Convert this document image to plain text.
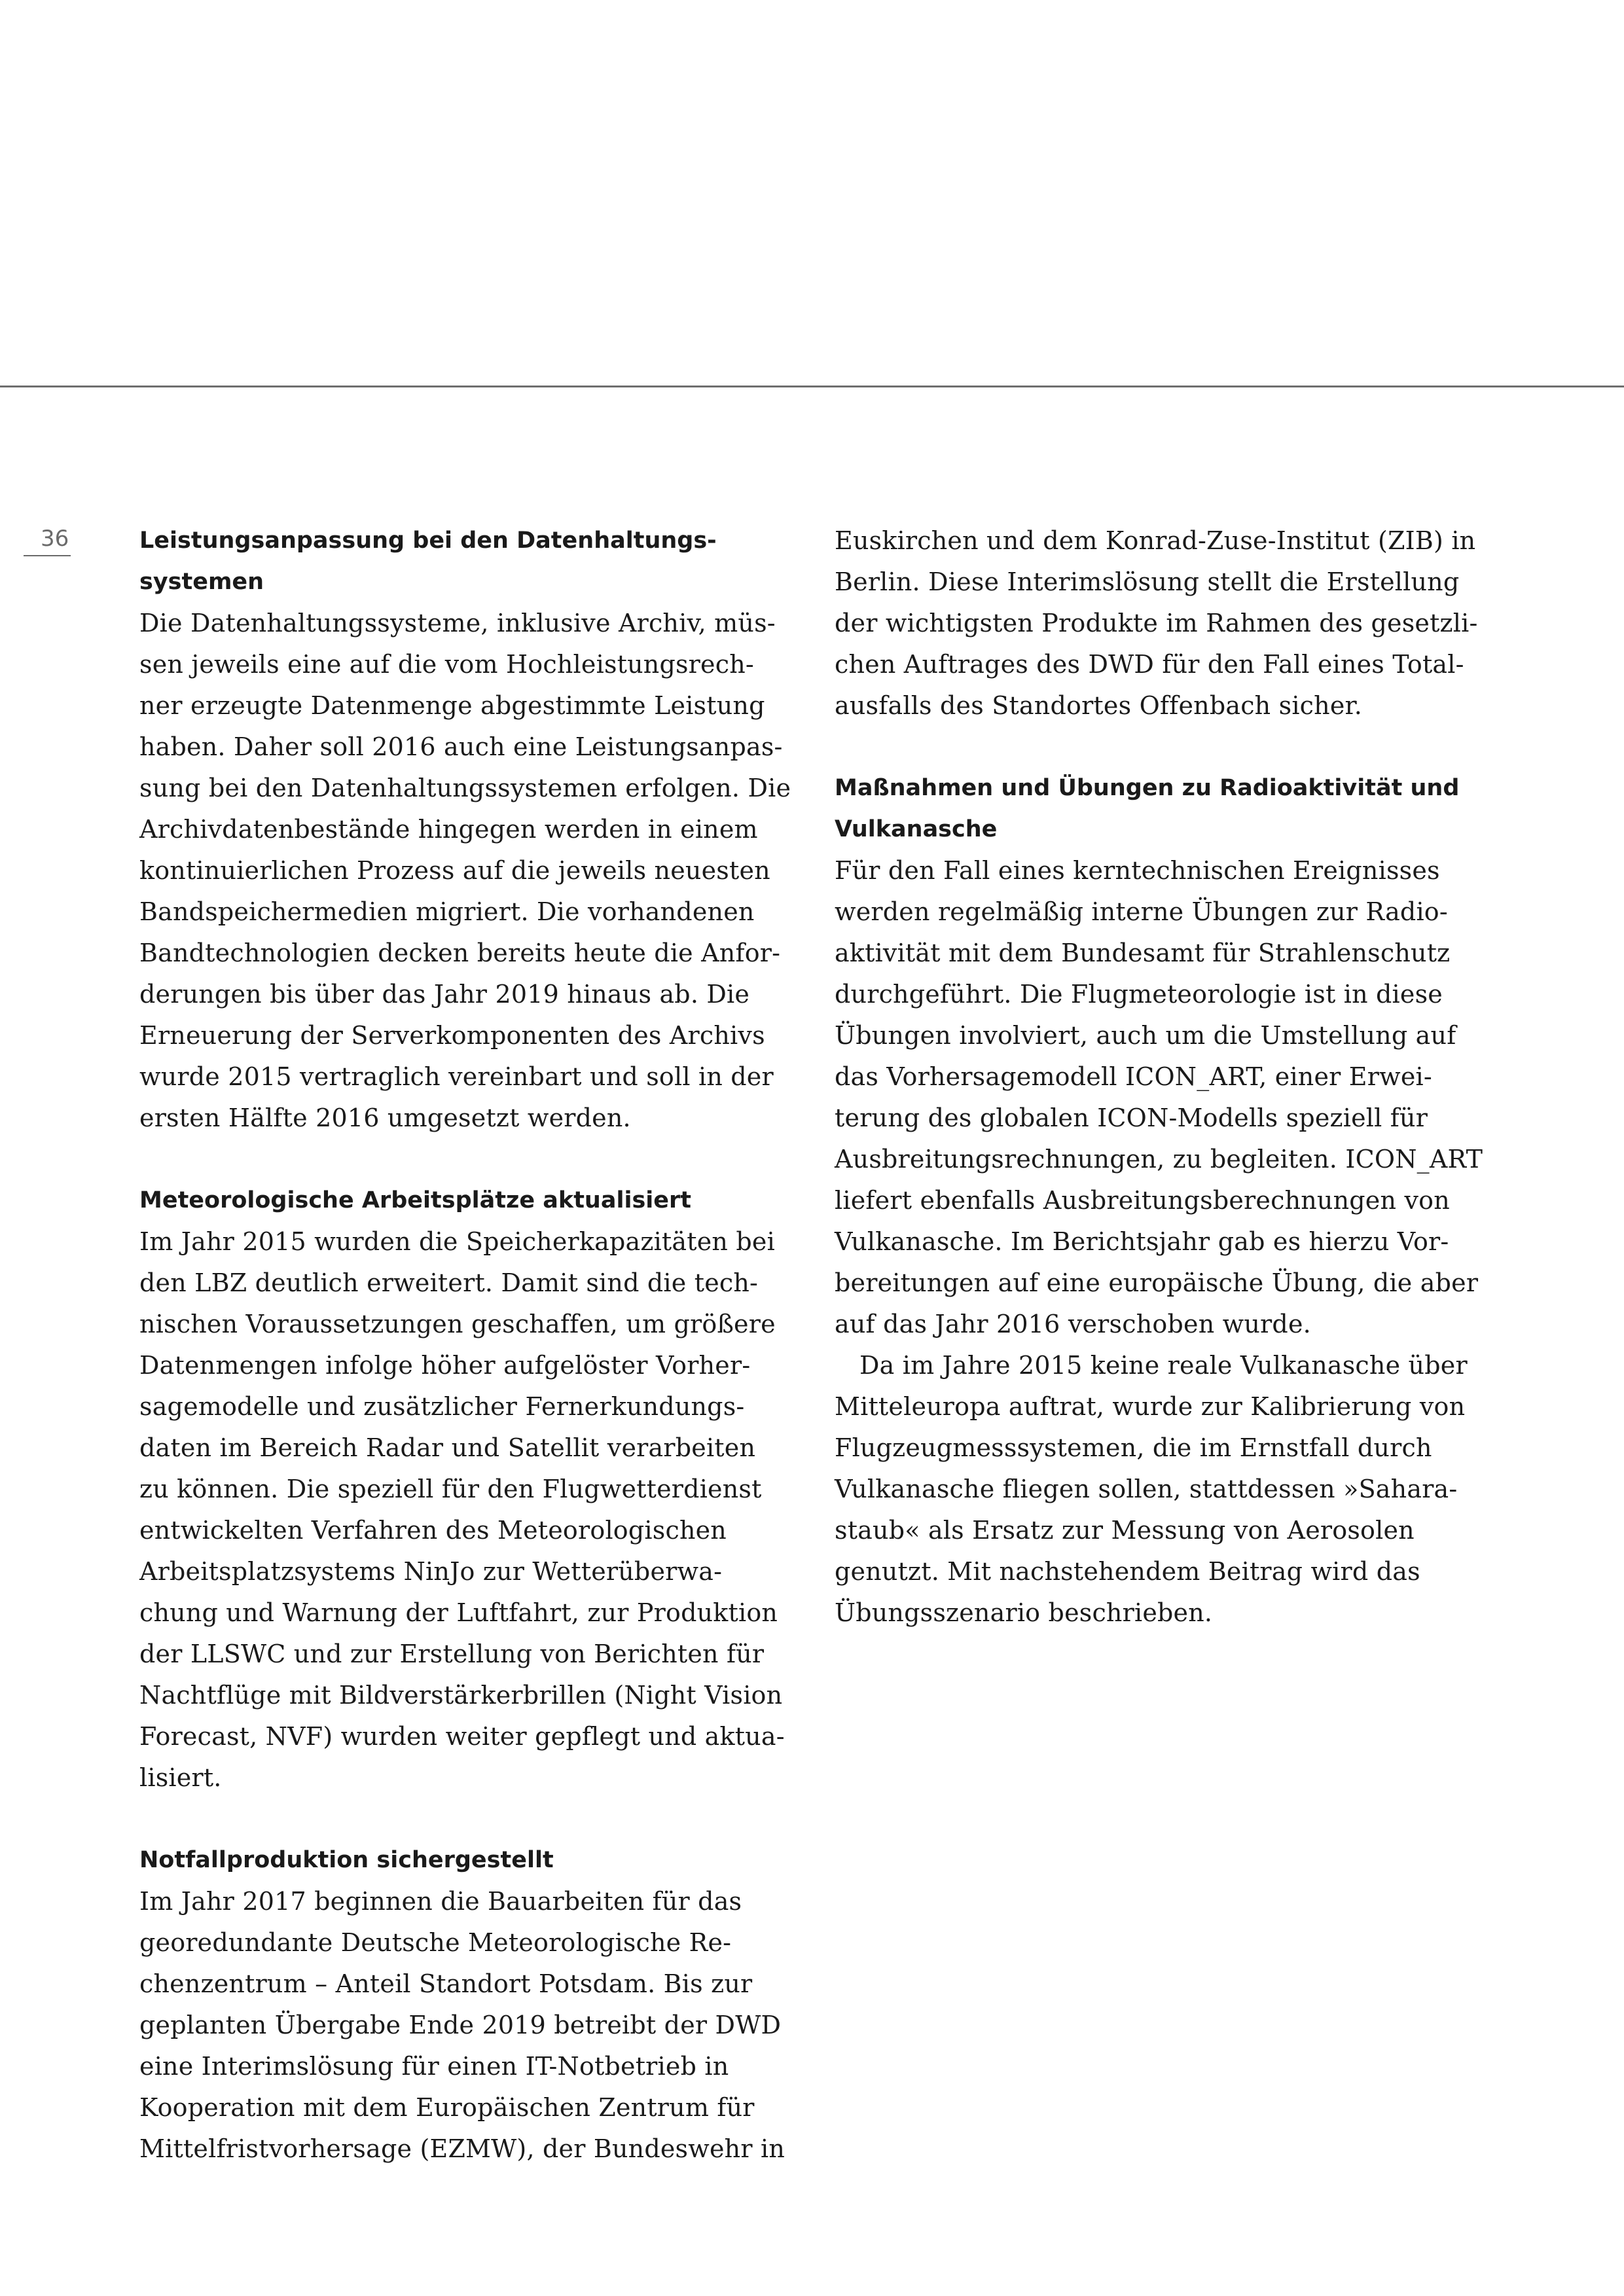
36	Leistungsanpassung bei den Datenhaltungs-
systemen
Die Datenhaltungssysteme, inklusive Archiv, müs-
sen jeweils eine auf die vom Hochleistungsrech-
ner erzeugte Datenmenge abgestimmte Leistung
haben. Daher soll 2016 auch eine Leistungsanpas-
sung bei den Datenhaltungssystemen erfolgen. Die
Archivdatenbestände hingegen werden in einem
kontinuierlichen Prozess auf die jeweils neuesten
Bandspeichermedien migriert. Die vorhandenen
Bandtechnologien decken bereits heute die Anfor-
derungen bis über das Jahr 2019 hinaus ab. Die
Erneuerung der Serverkomponenten des Archivs
wurde 2015 vertraglich vereinbart und soll in der
ersten Hälfte 2016 umgesetzt werden.
Meteorologische Arbeitsplätze aktualisiert
Im Jahr 2015 wurden die Speicherkapazitäten bei
den LBZ deutlich erweitert. Damit sind die tech-
nischen Voraussetzungen geschaffen, um größere
Datenmengen infolge höher aufgelöster Vorher-
sagemodelle und zusätzlicher Fernerkundungs-
daten im Bereich Radar und Satellit verarbeiten
zu können. Die speziell für den Flugwetterdienst
entwickelten Verfahren des Meteorologischen
Arbeitsplatzsystems NinJo zur Wetterüberwa-
chung und Warnung der Luftfahrt, zur Produktion
der LLSWC und zur Erstellung von Berichten für
Nachtflüge mit Bildverstärkerbrillen (Night Vision
Forecast, NVF) wurden weiter gepflegt und aktua-
lisiert.
Notfallproduktion sichergestellt
Im Jahr 2017 beginnen die Bauarbeiten für das
georedundante Deutsche Meteorologische Re-
chenzentrum – Anteil Standort Potsdam. Bis zur
geplanten Übergabe Ende 2019 betreibt der DWD
eine Interimslösung für einen IT-Notbetrieb in
Kooperation mit dem Europäischen Zentrum für
Mittelfristvorhersage (EZMW), der Bundeswehr in
Euskirchen und dem Konrad-Zuse-Institut (ZIB) in
Berlin. Diese Interimslösung stellt die Erstellung
der wichtigsten Produkte im Rahmen des gesetzli-
chen Auftrages des DWD für den Fall eines Total-
ausfalls des Standortes Offenbach sicher.
Maßnahmen und Übungen zu Radioaktivität und
Vulkanasche
Für den Fall eines kerntechnischen Ereignisses
werden regelmäßig interne Übungen zur Radio-
aktivität mit dem Bundesamt für Strahlenschutz
durchgeführt. Die Flugmeteorologie ist in diese
Übungen involviert, auch um die Umstellung auf
das Vorhersagemodell ICON_ART, einer Erwei-
terung des globalen ICON-Modells speziell für
Ausbreitungsrechnungen, zu begleiten. ICON_ART
liefert ebenfalls Ausbreitungsberechnungen von
Vulkanasche. Im Berichtsjahr gab es hierzu Vor-
bereitungen auf eine europäische Übung, die aber
auf das Jahr 2016 verschoben wurde.
Da im Jahre 2015 keine reale Vulkanasche über
Mitteleuropa auftrat, wurde zur Kalibrierung von
Flugzeugmesssystemen, die im Ernstfall durch
Vulkanasche fliegen sollen, stattdessen »Sahara-
staub« als Ersatz zur Messung von Aerosolen
genutzt. Mit nachstehendem Beitrag wird das
Übungsszenario beschrieben.
